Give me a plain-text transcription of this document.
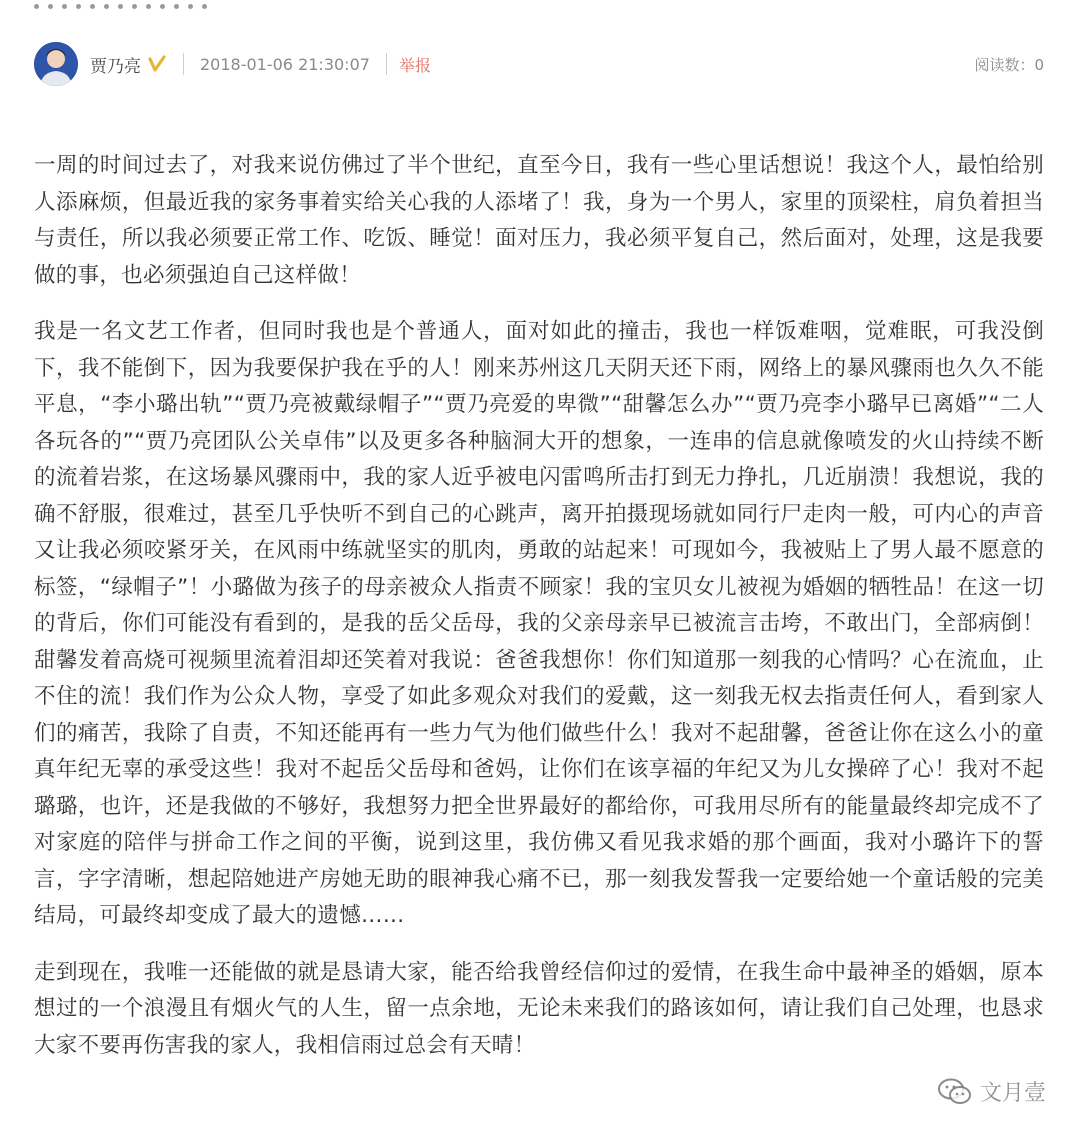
贾乃亮	2018-01-06 21:30:07 举报	阅读数：0

一周的时间过去了，对我来说仿佛过了半个世纪，直至今日，我有一些心里话想说！我这个人，最怕给别人添麻烦，但最近我的家务事着实给关心我的人添堵了！我，身为一个男人，家里的顶梁柱，肩负着担当与责任，所以我必须要正常工作、吃饭、睡觉！面对压力，我必须平复自己，然后面对，处理，这是我要做的事，也必须强迫自己这样做！

我是一名文艺工作者，但同时我也是个普通人，面对如此的撞击，我也一样饭难咽，觉难眠，可我没倒下，我不能倒下，因为我要保护我在乎的人！刚来苏州这几天阴天还下雨，网络上的暴风骤雨也久久不能平息，“李小璐出轨”“贾乃亮被戴绿帽子”“贾乃亮爱的卑微”“甜馨怎么办”“贾乃亮李小璐早已离婚”“二人各玩各的”“贾乃亮团队公关卓伟”以及更多各种脑洞大开的想象，一连串的信息就像喷发的火山持续不断的流着岩浆，在这场暴风骤雨中，我的家人近乎被电闪雷鸣所击打到无力挣扎，几近崩溃！我想说，我的确不舒服，很难过，甚至几乎快听不到自己的心跳声，离开拍摄现场就如同行尸走肉一般，可内心的声音又让我必须咬紧牙关，在风雨中练就坚实的肌肉，勇敢的站起来！可现如今，我被贴上了男人最不愿意的标签，“绿帽子”！小璐做为孩子的母亲被众人指责不顾家！我的宝贝女儿被视为婚姻的牺牲品！在这一切的背后，你们可能没有看到的，是我的岳父岳母，我的父亲母亲早已被流言击垮，不敢出门，全部病倒！甜馨发着高烧可视频里流着泪却还笑着对我说：爸爸我想你！你们知道那一刻我的心情吗？心在流血，止不住的流！我们作为公众人物，享受了如此多观众对我们的爱戴，这一刻我无权去指责任何人，看到家人们的痛苦，我除了自责，不知还能再有一些力气为他们做些什么！我对不起甜馨，爸爸让你在这么小的童真年纪无辜的承受这些！我对不起岳父岳母和爸妈，让你们在该享福的年纪又为儿女操碎了心！我对不起璐璐，也许，还是我做的不够好，我想努力把全世界最好的都给你，可我用尽所有的能量最终却完成不了对家庭的陪伴与拼命工作之间的平衡，说到这里，我仿佛又看见我求婚的那个画面，我对小璐许下的誓言，字字清晰，想起陪她进产房她无助的眼神我心痛不已，那一刻我发誓我一定要给她一个童话般的完美结局，可最终却变成了最大的遗憾……

走到现在，我唯一还能做的就是恳请大家，能否给我曾经信仰过的爱情，在我生命中最神圣的婚姻，原本想过的一个浪漫且有烟火气的人生，留一点余地，无论未来我们的路该如何，请让我们自己处理，也恳求大家不要再伤害我的家人，我相信雨过总会有天晴！

文月壹
